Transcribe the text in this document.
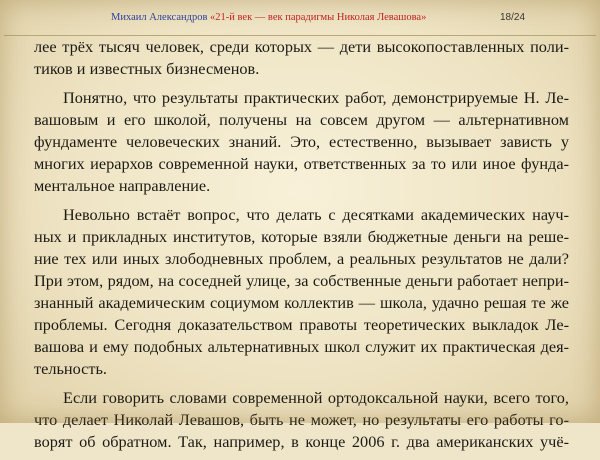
Михаил Александров «21-й век — век парадигмы Николая Левашова»	18/24

лее трёх тысяч человек, среди которых — дети высокопоставленных поли-
тиков и известных бизнесменов.

Понятно, что результаты практических работ, демонстрируемые Н. Ле-
вашовым и его школой, получены на совсем другом — альтернативном
фундаменте человеческих знаний. Это, естественно, вызывает зависть у
многих иерархов современной науки, ответственных за то или иное фунда-
ментальное направление.

Невольно встаёт вопрос, что делать с десятками академических науч-
ных и прикладных институтов, которые взяли бюджетные деньги на реше-
ние тех или иных злободневных проблем, а реальных результатов не дали?
При этом, рядом, на соседней улице, за собственные деньги работает непри-
знанный академическим социумом коллектив — школа, удачно решая те же
проблемы. Сегодня доказательством правоты теоретических выкладок Ле-
вашова и ему подобных альтернативных школ служит их практическая дея-
тельность.

Если говорить словами современной ортодоксальной науки, всего того,
что делает Николай Левашов, быть не может, но результаты его работы го-
ворят об обратном. Так, например, в конце 2006 г. два американских учё-
